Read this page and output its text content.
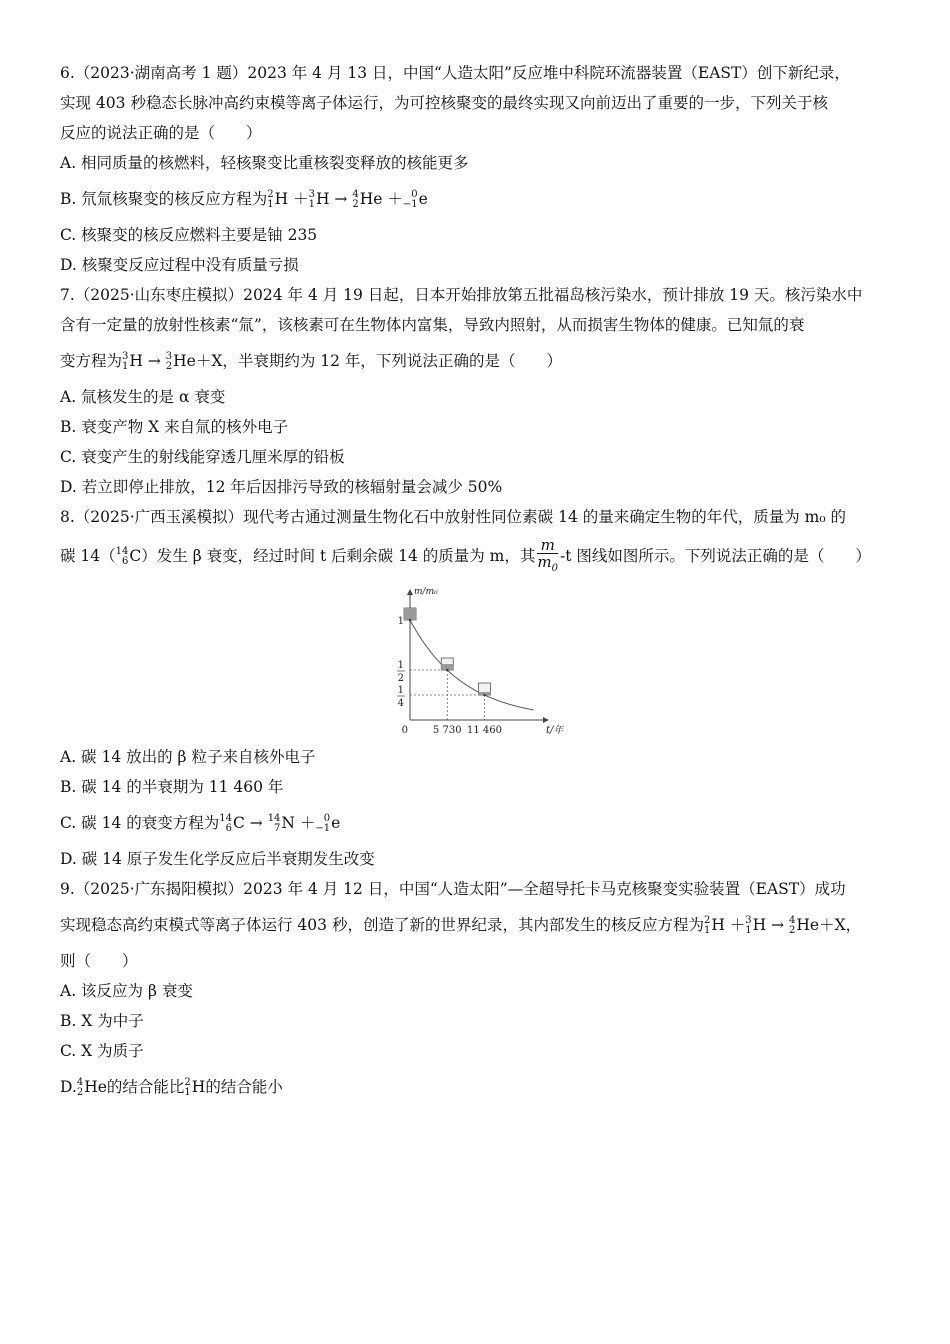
6.（2023·湖南高考 1 题）2023 年 4 月 13 日，中国“人造太阳”反应堆中科院环流器装置（EAST）创下新纪录，
实现 403 秒稳态长脉冲高约束模等离子体运行，为可控核聚变的最终实现又向前迈出了重要的一步，下列关于核
反应的说法正确的是（　　）
A. 相同质量的核燃料，轻核聚变比重核裂变释放的核能更多
B. 氘氚核聚变的核反应方程为 2
1 H ＋ 3
1 H → 4
2 He ＋ 0
−1 e
C. 核聚变的核反应燃料主要是铀 235
D. 核聚变反应过程中没有质量亏损
7.（2025·山东枣庄模拟）2024 年 4 月 19 日起，日本开始排放第五批福岛核污染水，预计排放 19 天。核污染水中
含有一定量的放射性核素“氚”，该核素可在生物体内富集，导致内照射，从而损害生物体的健康。已知氚的衰
变方程为 3
1 H → 3
2 He＋X，半衰期约为 12 年，下列说法正确的是（　　）
A. 氚核发生的是 α 衰变
B. 衰变产物 X 来自氚的核外电子
C. 衰变产生的射线能穿透几厘米厚的铅板
D. 若立即停止排放，12 年后因排污导致的核辐射量会减少 50%
8.（2025·广西玉溪模拟）现代考古通过测量生物化石中放射性同位素碳 14 的量来确定生物的年代，质量为 m₀ 的
碳 14（ 14
6 C）发生 β 衰变，经过时间 t 后剩余碳 14 的质量为 m，其 $\frac{m}{m_0} -t$ 图线如图所示。下列说法正确的是（　　）
1
1
2
1
4
0 5 730 11 460	t/年
m/m₀
A. 碳 14 放出的 β 粒子来自核外电子
B. 碳 14 的半衰期为 11 460 年
C. 碳 14 的衰变方程为 14
6 C → 14
7 N ＋ 0
−1 e
D. 碳 14 原子发生化学反应后半衰期发生改变
9.（2025·广东揭阳模拟）2023 年 4 月 12 日，中国“人造太阳”—全超导托卡马克核聚变实验装置（EAST）成功
实现稳态高约束模式等离子体运行 403 秒，创造了新的世界纪录，其内部发生的核反应方程为 2
1 H ＋ 3
1 H → 4
2 He＋X，
则（　　）
A. 该反应为 β 衰变
B. X 为中子
C. X 为质子
D. 4
2 He的结合能比 2
1 H的结合能小
